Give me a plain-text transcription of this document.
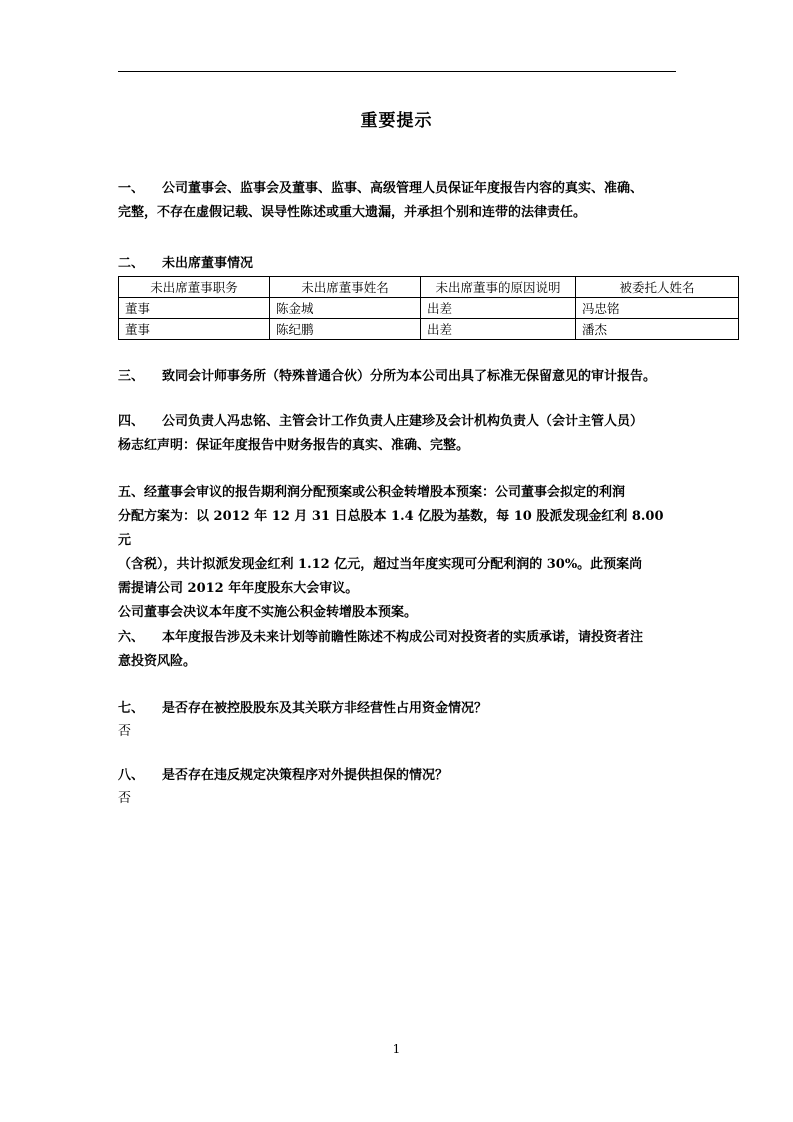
重要提示
一、 公司董事会、监事会及董事、监事、高级管理人员保证年度报告内容的真实、准确、
完整，不存在虚假记载、误导性陈述或重大遗漏，并承担个别和连带的法律责任。
二、 未出席董事情况
未出席董事职务	未出席董事姓名	未出席董事的原因说明	被委托人姓名
董事	陈金城	出差	冯忠铭
董事	陈纪鹏	出差	潘杰
三、 致同会计师事务所（特殊普通合伙）分所为本公司出具了标准无保留意见的审计报告。
四、 公司负责人冯忠铭、主管会计工作负责人庄建珍及会计机构负责人（会计主管人员）
杨志红声明：保证年度报告中财务报告的真实、准确、完整。
五、经董事会审议的报告期利润分配预案或公积金转增股本预案：公司董事会拟定的利润
分配方案为：以 2012 年 12 月 31 日总股本 1.4 亿股为基数，每 10 股派发现金红利 8.00 元
（含税），共计拟派发现金红利 1.12 亿元，超过当年度实现可分配利润的 30%。此预案尚
需提请公司 2012 年年度股东大会审议。
公司董事会决议本年度不实施公积金转增股本预案。
六、 本年度报告涉及未来计划等前瞻性陈述不构成公司对投资者的实质承诺，请投资者注
意投资风险。
七、 是否存在被控股股东及其关联方非经营性占用资金情况？
否
八、 是否存在违反规定决策程序对外提供担保的情况？
否
1
